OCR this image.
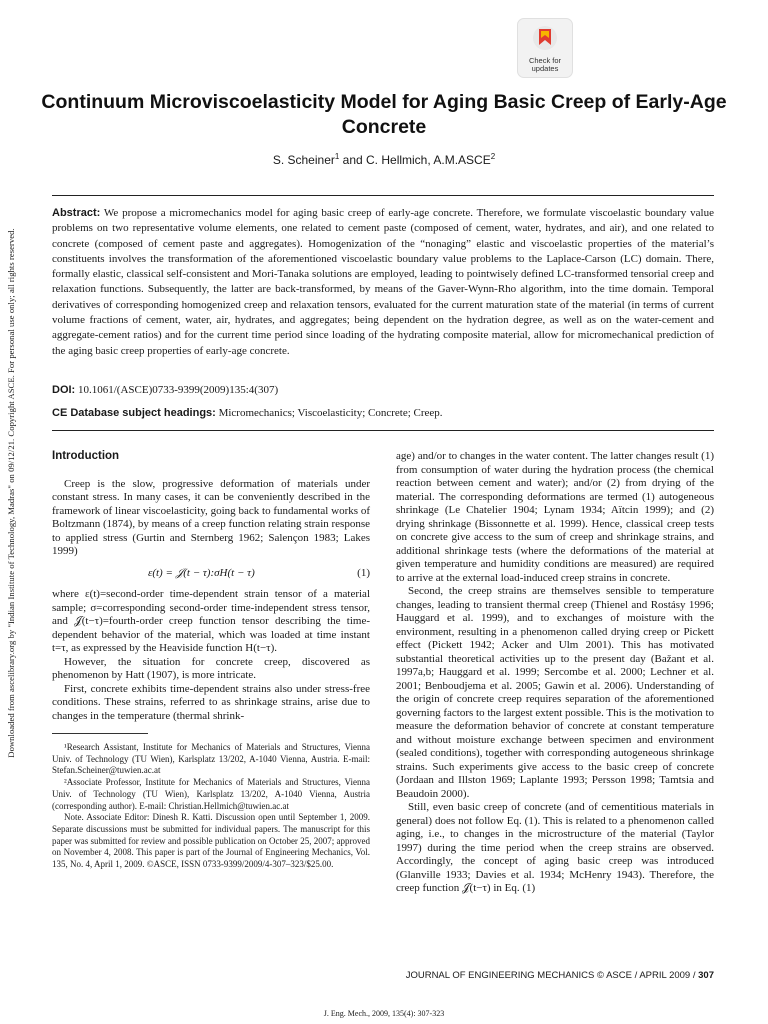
Downloaded from ascelibrary.org by "Indian Institute of Technology, Madras" on 09/12/21. Copyright ASCE. For personal use only; all rights reserved.
Check for
updates
Continuum Microviscoelasticity Model for Aging Basic Creep of Early-Age Concrete
S. Scheiner$^1$ and C. Hellmich, A.M.ASCE$^2$
Abstract: We propose a micromechanics model for aging basic creep of early-age concrete. Therefore, we formulate viscoelastic boundary value problems on two representative volume elements, one related to cement paste (composed of cement, water, hydrates, and air), and one related to concrete (composed of cement paste and aggregates). Homogenization of the “nonaging” elastic and viscoelastic properties of the material’s constituents involves the transformation of the aforementioned viscoelastic boundary value problems to the Laplace-Carson (LC) domain. There, formally elastic, classical self-consistent and Mori-Tanaka solutions are employed, leading to pointwisely defined LC-transformed tensorial creep and relaxation functions. Subsequently, the latter are back-transformed, by means of the Gaver-Wynn-Rho algorithm, into the time domain. Temporal derivatives of corresponding homogenized creep and relaxation tensors, evaluated for the current maturation state of the material (in terms of current volume fractions of cement, water, air, hydrates, and aggregates; being dependent on the hydration degree, as well as on the water-cement and aggregate-cement ratios) and for the current time period since loading of the hydrating composite material, allow for micromechanical prediction of the aging basic creep properties of early-age concrete.
DOI: 10.1061/(ASCE)0733-9399(2009)135:4(307)
CE Database subject headings: Micromechanics; Viscoelasticity; Concrete; Creep.
Introduction

Creep is the slow, progressive deformation of materials under constant stress. In many cases, it can be conveniently described in the framework of linear viscoelasticity, going back to fundamental works of Boltzmann (1874), by means of a creep function relating strain response to applied stress (Gurtin and Sternberg 1962; Salençon 1983; Lakes 1999)

ε(t) = 𝒥(t − τ):σH(t − τ)	(1)

where ε(t)=second-order time-dependent strain tensor of a material sample; σ=corresponding second-order time-independent stress tensor, and 𝒥(t−τ)=fourth-order creep function tensor describing the time-dependent behavior of the material, which was loaded at time instant t=τ, as expressed by the Heaviside function H(t−τ).

However, the situation for concrete creep, discovered as phenomenon by Hatt (1907), is more intricate.

First, concrete exhibits time-dependent strains also under stress-free conditions. These strains, referred to as shrinkage strains, arise due to changes in the temperature (thermal shrink-

¹Research Assistant, Institute for Mechanics of Materials and Structures, Vienna Univ. of Technology (TU Wien), Karlsplatz 13/202, A-1040 Vienna, Austria. E-mail: Stefan.Scheiner@tuwien.ac.at

²Associate Professor, Institute for Mechanics of Materials and Structures, Vienna Univ. of Technology (TU Wien), Karlsplatz 13/202, A-1040 Vienna, Austria (corresponding author). E-mail: Christian.Hellmich@tuwien.ac.at

Note. Associate Editor: Dinesh R. Katti. Discussion open until September 1, 2009. Separate discussions must be submitted for individual papers. The manuscript for this paper was submitted for review and possible publication on October 25, 2007; approved on November 4, 2008. This paper is part of the Journal of Engineering Mechanics, Vol. 135, No. 4, April 1, 2009. ©ASCE, ISSN 0733-9399/2009/4-307–323/$25.00.

age) and/or to changes in the water content. The latter changes result (1) from consumption of water during the hydration process (the chemical reaction between cement and water); and/or (2) from drying of the material. The corresponding deformations are termed (1) autogeneous shrinkage (Le Chatelier 1904; Lynam 1934; Aïtcin 1999); and (2) drying shrinkage (Bissonnette et al. 1999). Hence, classical creep tests on concrete give access to the sum of creep and shrinkage strains, and additional shrinkage tests (where the deformations of the material at given temperature and humidity conditions are measured) are required to arrive at the external load-induced creep strains in concrete.

Second, the creep strains are themselves sensible to temperature changes, leading to transient thermal creep (Thienel and Rostásy 1996; Hauggard et al. 1999), and to exchanges of moisture with the environment, resulting in a phenomenon called drying creep or Pickett effect (Pickett 1942; Acker and Ulm 2001). This has motivated substantial theoretical activities up to the present day (Bažant et al. 1997a,b; Hauggard et al. 1999; Sercombe et al. 2000; Lechner et al. 2001; Benboudjema et al. 2005; Gawin et al. 2006). Understanding of the origin of concrete creep requires separation of the aforementioned governing factors to the largest extent possible. This is the motivation to measure the deformation behavior of concrete at constant temperature and without moisture exchange between specimen and environment (sealed conditions), together with corresponding autogeneous shrinkage strains. Such experiments give access to the basic creep of concrete (Jordaan and Illston 1969; Laplante 1993; Persson 1998; Tamtsia and Beaudoin 2000).

Still, even basic creep of concrete (and of cementitious materials in general) does not follow Eq. (1). This is related to a phenomenon called aging, i.e., to changes in the microstructure of the material (Taylor 1997) during the time period when the creep strains are observed. Accordingly, the concept of aging basic creep was introduced (Glanville 1933; Davies et al. 1934; McHenry 1943). Therefore, the creep function 𝒥(t−τ) in Eq. (1)

JOURNAL OF ENGINEERING MECHANICS © ASCE / APRIL 2009 / 307
J. Eng. Mech., 2009, 135(4): 307-323
